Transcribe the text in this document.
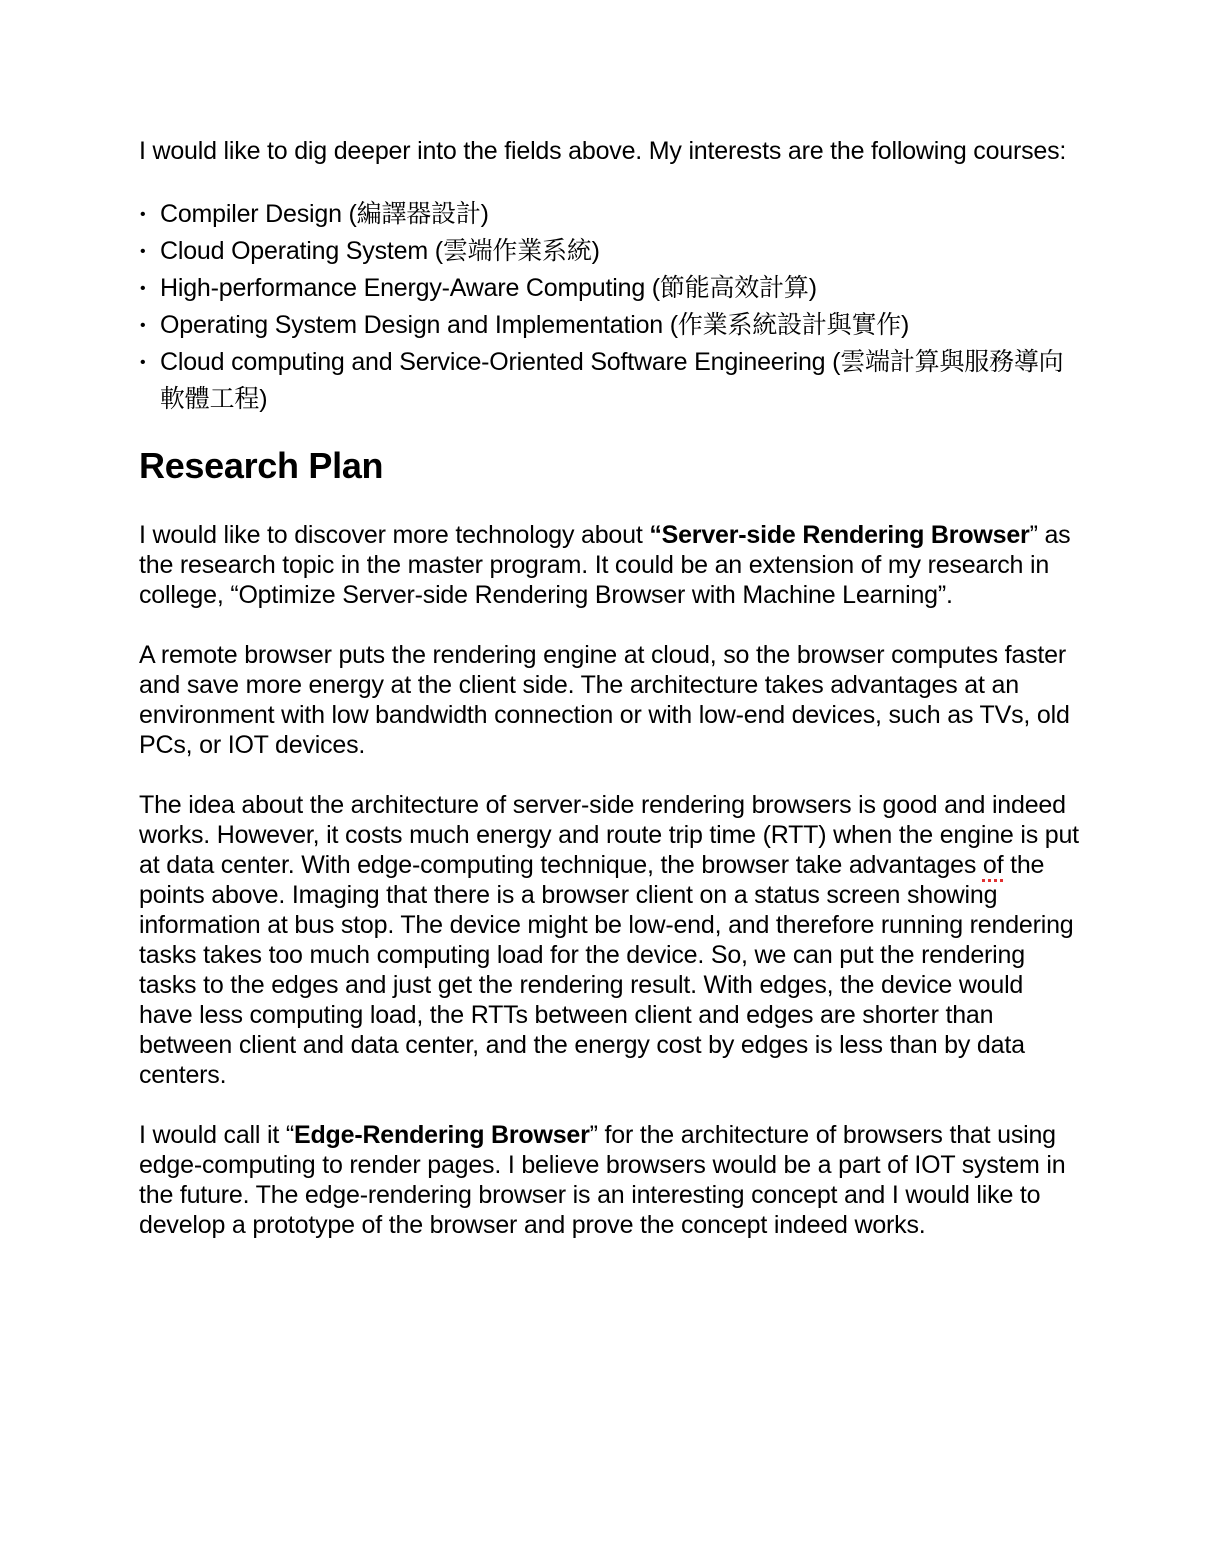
I would like to dig deeper into the fields above. My interests are the following courses:

• Compiler Design (編譯器設計)
• Cloud Operating System (雲端作業系統)
• High-performance Energy-Aware Computing (節能高效計算)
• Operating System Design and Implementation (作業系統設計與實作)
• Cloud computing and Service-Oriented Software Engineering (雲端計算與服務導向軟體工程)
Research Plan

I would like to discover more technology about “Server-side Rendering Browser” as the research topic in the master program. It could be an extension of my research in college, “Optimize Server-side Rendering Browser with Machine Learning”.

A remote browser puts the rendering engine at cloud, so the browser computes faster and save more energy at the client side. The architecture takes advantages at an environment with low bandwidth connection or with low-end devices, such as TVs, old PCs, or IOT devices.

The idea about the architecture of server-side rendering browsers is good and indeed works. However, it costs much energy and route trip time (RTT) when the engine is put at data center. With edge-computing technique, the browser take advantages of the points above. Imaging that there is a browser client on a status screen showing information at bus stop. The device might be low-end, and therefore running rendering tasks takes too much computing load for the device. So, we can put the rendering tasks to the edges and just get the rendering result. With edges, the device would have less computing load, the RTTs between client and edges are shorter than between client and data center, and the energy cost by edges is less than by data centers.

I would call it “Edge-Rendering Browser” for the architecture of browsers that using edge-computing to render pages. I believe browsers would be a part of IOT system in the future. The edge-rendering browser is an interesting concept and I would like to develop a prototype of the browser and prove the concept indeed works.
